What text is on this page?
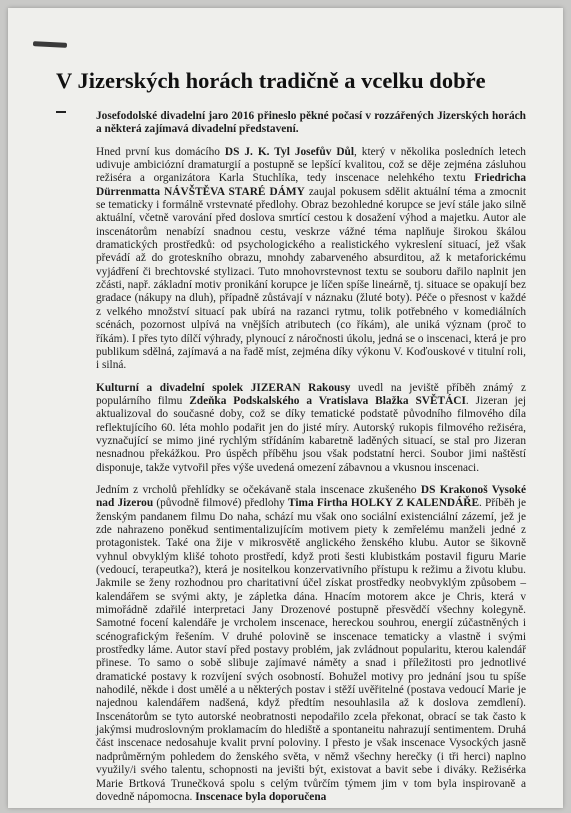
V Jizerských horách tradičně a vcelku dobře

Josefodolské divadelní jaro 2016 přineslo pěkné počasí v rozzářených Jizerských horách a některá zajímavá divadelní představení.

Hned první kus domácího DS J. K. Tyl Josefův Důl, který v několika posledních letech udivuje ambiciózní dramaturgií a postupně se lepšící kvalitou, což se děje zejména zásluhou režiséra a organizátora Karla Stuchlíka, tedy inscenace nelehkého textu Friedricha Dürrenmatta NÁVŠTĚVA STARÉ DÁMY zaujal pokusem sdělit aktuální téma a zmocnit se tematicky i formálně vrstevnaté předlohy. Obraz bezohledné korupce se jeví stále jako silně aktuální, včetně varování před doslova smrtící cestou k dosažení výhod a majetku. Autor ale inscenátorům nenabízí snadnou cestu, veskrze vážné téma naplňuje širokou škálou dramatických prostředků: od psychologického a realistického vykreslení situací, jež však převádí až do groteskního obrazu, mnohdy zabarveného absurditou, až k metaforickému vyjádření či brechtovské stylizaci. Tuto mnohovrstevnost textu se souboru dařilo naplnit jen zčásti, např. základní motiv pronikání korupce je líčen spíše lineárně, tj. situace se opakují bez gradace (nákupy na dluh), případně zůstávají v náznaku (žluté boty). Péče o přesnost v každé z velkého množství situací pak ubírá na razanci rytmu, tolik potřebného v komediálních scénách, pozornost ulpívá na vnějších atributech (co říkám), ale uniká význam (proč to říkám). I přes tyto dílčí výhrady, plynoucí z náročnosti úkolu, jedná se o inscenaci, která je pro publikum sdělná, zajímavá a na řadě míst, zejména díky výkonu V. Koďouskové v titulní roli, i silná.

Kulturní a divadelní spolek JIZERAN Rakousy uvedl na jeviště příběh známý z populárního filmu Zdeňka Podskalského a Vratislava Blažka SVĚTÁCI. Jizeran jej aktualizoval do současné doby, což se díky tematické podstatě původního filmového díla reflektujícího 60. léta mohlo podařit jen do jisté míry. Autorský rukopis filmového režiséra, vyznačující se mimo jiné rychlým střídáním kabaretně laděných situací, se stal pro Jizeran nesnadnou překážkou. Pro úspěch příběhu jsou však podstatní herci. Soubor jimi naštěstí disponuje, takže vytvořil přes výše uvedená omezení zábavnou a vkusnou inscenaci.

Jedním z vrcholů přehlídky se očekávaně stala inscenace zkušeného DS Krakonoš Vysoké nad Jizerou (původně filmové) předlohy Tima Firtha HOLKY Z KALENDÁŘE. Příběh je ženským pandanem filmu Do naha, schází mu však ono sociální existenciální zázemí, jež je zde nahrazeno poněkud sentimentalizujícím motivem piety k zemřelému manželi jedné z protagonistek. Také ona žije v mikrosvětě anglického ženského klubu. Autor se šikovně vyhnul obvyklým klišé tohoto prostředí, když proti šesti klubistkám postavil figuru Marie (vedoucí, terapeutka?), která je nositelkou konzervativního přístupu k režimu a životu klubu. Jakmile se ženy rozhodnou pro charitativní účel získat prostředky neobvyklým způsobem – kalendářem se svými akty, je zápletka dána. Hnacím motorem akce je Chris, která v mimořádně zdařilé interpretaci Jany Drozenové postupně přesvědčí všechny kolegyně. Samotné focení kalendáře je vrcholem inscenace, hereckou souhrou, energií zúčastněných i scénografickým řešením. V druhé polovině se inscenace tematicky a vlastně i svými prostředky láme. Autor staví před postavy problém, jak zvládnout popularitu, kterou kalendář přinese. To samo o sobě slibuje zajímavé náměty a snad i příležitosti pro jednotlivé dramatické postavy k rozvíjení svých osobností. Bohužel motivy pro jednání jsou tu spíše nahodilé, někde i dost umělé a u některých postav i stěží uvěřitelné (postava vedoucí Marie je najednou kalendářem nadšená, když předtím nesouhlasila až k doslova zemdlení). Inscenátorům se tyto autorské neobratnosti nepodařilo zcela překonat, obrací se tak často k jakýmsi mudroslovným proklamacím do hlediště a spontaneitu nahrazují sentimentem. Druhá část inscenace nedosahuje kvalit první poloviny. I přesto je však inscenace Vysockých jasně nadprůměrným pohledem do ženského světa, v němž všechny herečky (i tři herci) naplno využily/i svého talentu, schopnosti na jevišti být, existovat a bavit sebe i diváky. Režisérka Marie Brtková Trunečková spolu s celým tvůrčím týmem jim v tom byla inspirovaně a dovedně nápomocna. Inscenace byla doporučena
